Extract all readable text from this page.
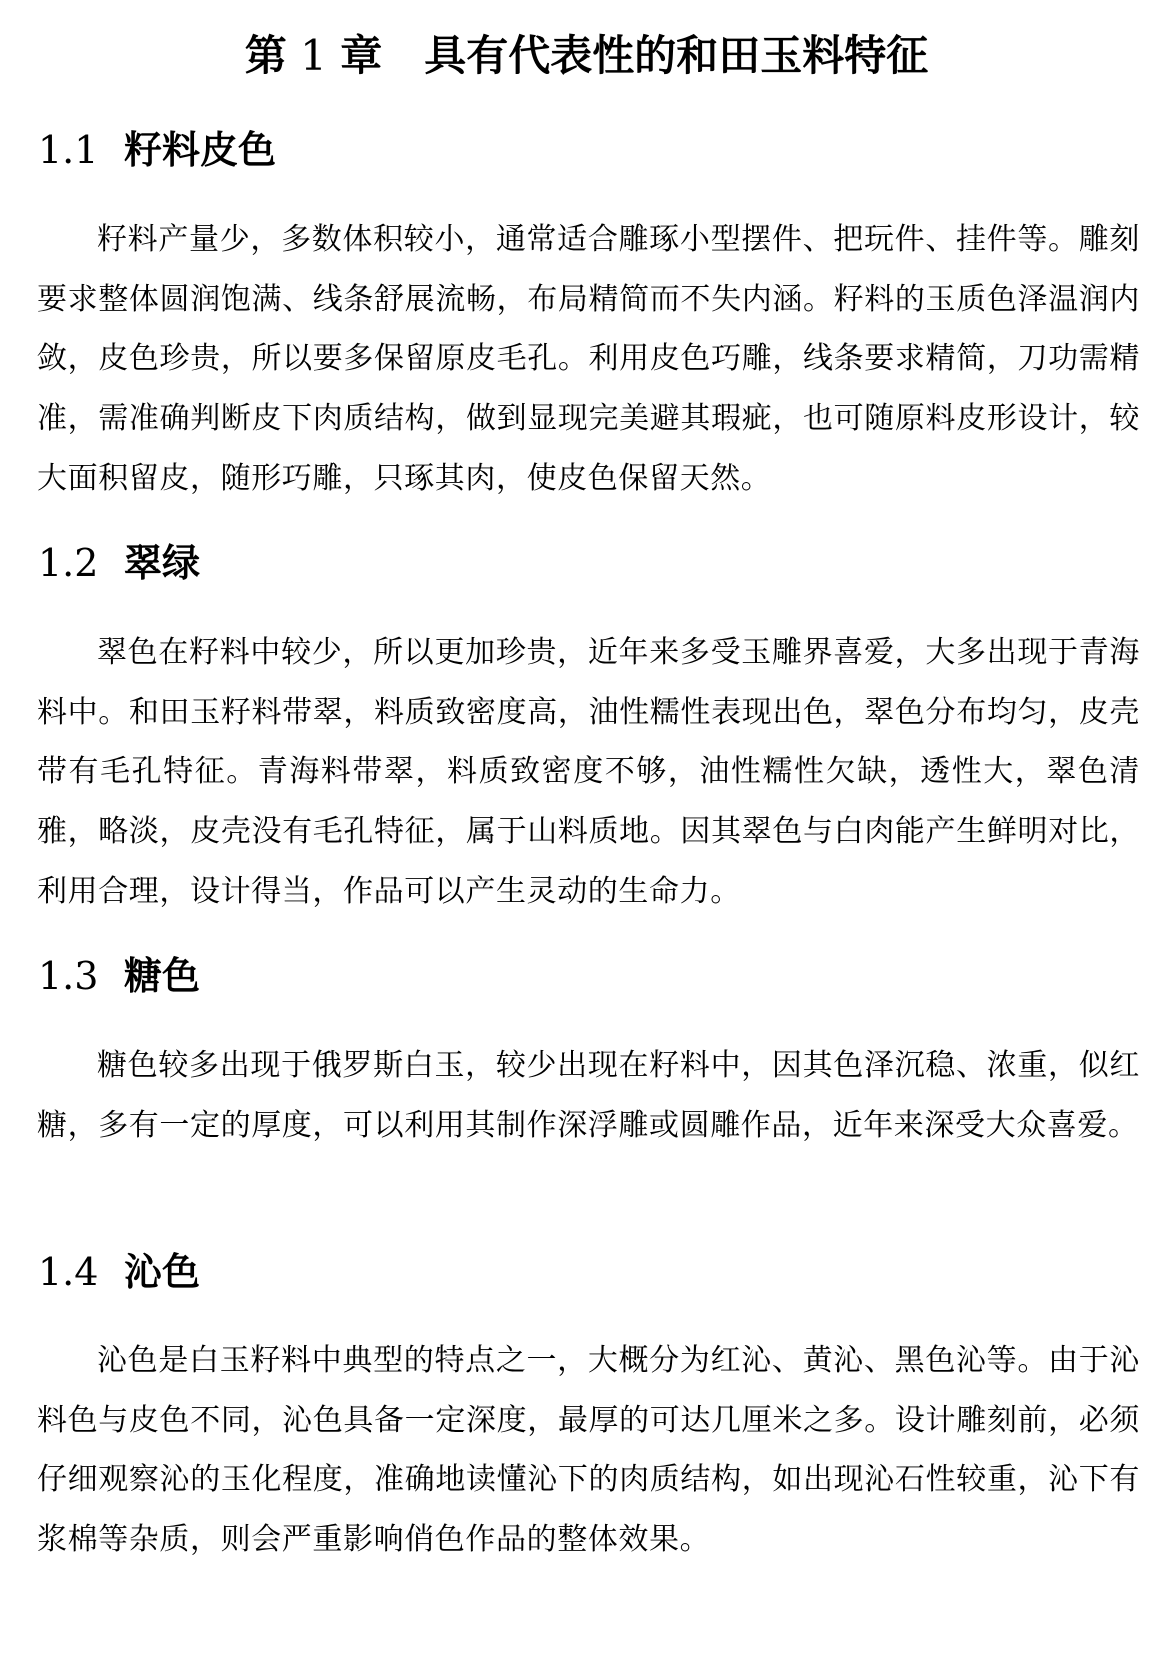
第 1 章 具有代表性的和田玉料特征
1.1 籽料皮色

籽料产量少，多数体积较小，通常适合雕琢小型摆件、把玩件、挂件等。雕刻要求整体圆润饱满、线条舒展流畅，布局精简而不失内涵。籽料的玉质色泽温润内敛，皮色珍贵，所以要多保留原皮毛孔。利用皮色巧雕，线条要求精简，刀功需精准，需准确判断皮下肉质结构，做到显现完美避其瑕疵，也可随原料皮形设计，较大面积留皮，随形巧雕，只琢其肉，使皮色保留天然。

1.2 翠绿

翠色在籽料中较少，所以更加珍贵，近年来多受玉雕界喜爱，大多出现于青海料中。和田玉籽料带翠，料质致密度高，油性糯性表现出色，翠色分布均匀，皮壳带有毛孔特征。青海料带翠，料质致密度不够，油性糯性欠缺，透性大，翠色清雅，略淡，皮壳没有毛孔特征，属于山料质地。因其翠色与白肉能产生鲜明对比，利用合理，设计得当，作品可以产生灵动的生命力。

1.3 糖色

糖色较多出现于俄罗斯白玉，较少出现在籽料中，因其色泽沉稳、浓重，似红糖，多有一定的厚度，可以利用其制作深浮雕或圆雕作品，近年来深受大众喜爱。

1.4 沁色

沁色是白玉籽料中典型的特点之一，大概分为红沁、黄沁、黑色沁等。由于沁料色与皮色不同，沁色具备一定深度，最厚的可达几厘米之多。设计雕刻前，必须仔细观察沁的玉化程度，准确地读懂沁下的肉质结构，如出现沁石性较重，沁下有浆棉等杂质，则会严重影响俏色作品的整体效果。
